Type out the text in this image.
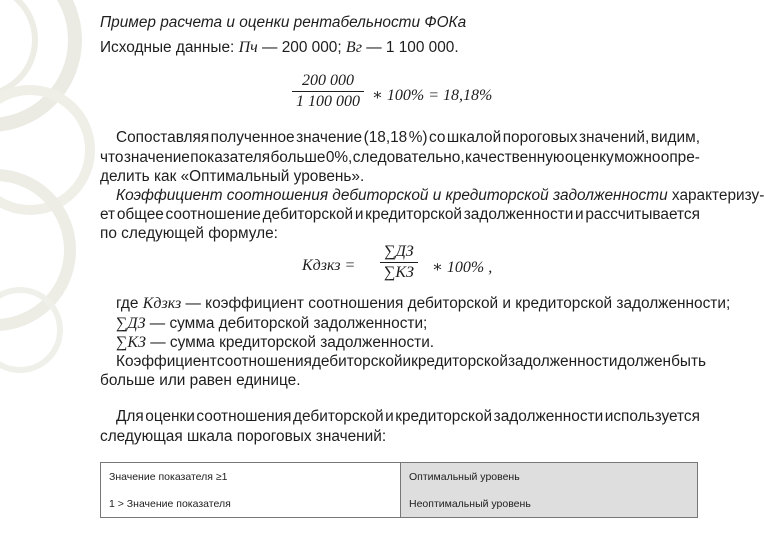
Пример расчета и оценки рентабельности ФОКа
Исходные данные: Пч — 200 000; Вг — 1 100 000.
$\frac{200 000}{1 100 000}$ ∗ 100% = 18,18%
Сопоставляя полученное значение (18,18 %) со шкалой пороговых значений, видим,
что значение показателя больше 0%, следовательно, качественную оценку можно опре-
делить как «Оптимальный уровень».
Коэффициент соотношения дебиторской и кредиторской задолженности характеризу-
ет общее соотношение дебиторской и кредиторской задолженности и рассчитывается
по следующей формуле:
Кдзкз =
∑ДЗ
∑КЗ ∗ 100% ,
где Кдзкз — коэффициент соотношения дебиторской и кредиторской задолженности;
∑ДЗ — сумма дебиторской задолженности;
∑КЗ — сумма кредиторской задолженности.
Коэффициент соотношения дебиторской и кредиторской задолженности должен быть
больше или равен единице.
Для оценки соотношения дебиторской и кредиторской задолженности используется
следующая шкала пороговых значений:
Значение показателя ≥1	Оптимальный уровень
1 > Значение показателя	Неоптимальный уровень
